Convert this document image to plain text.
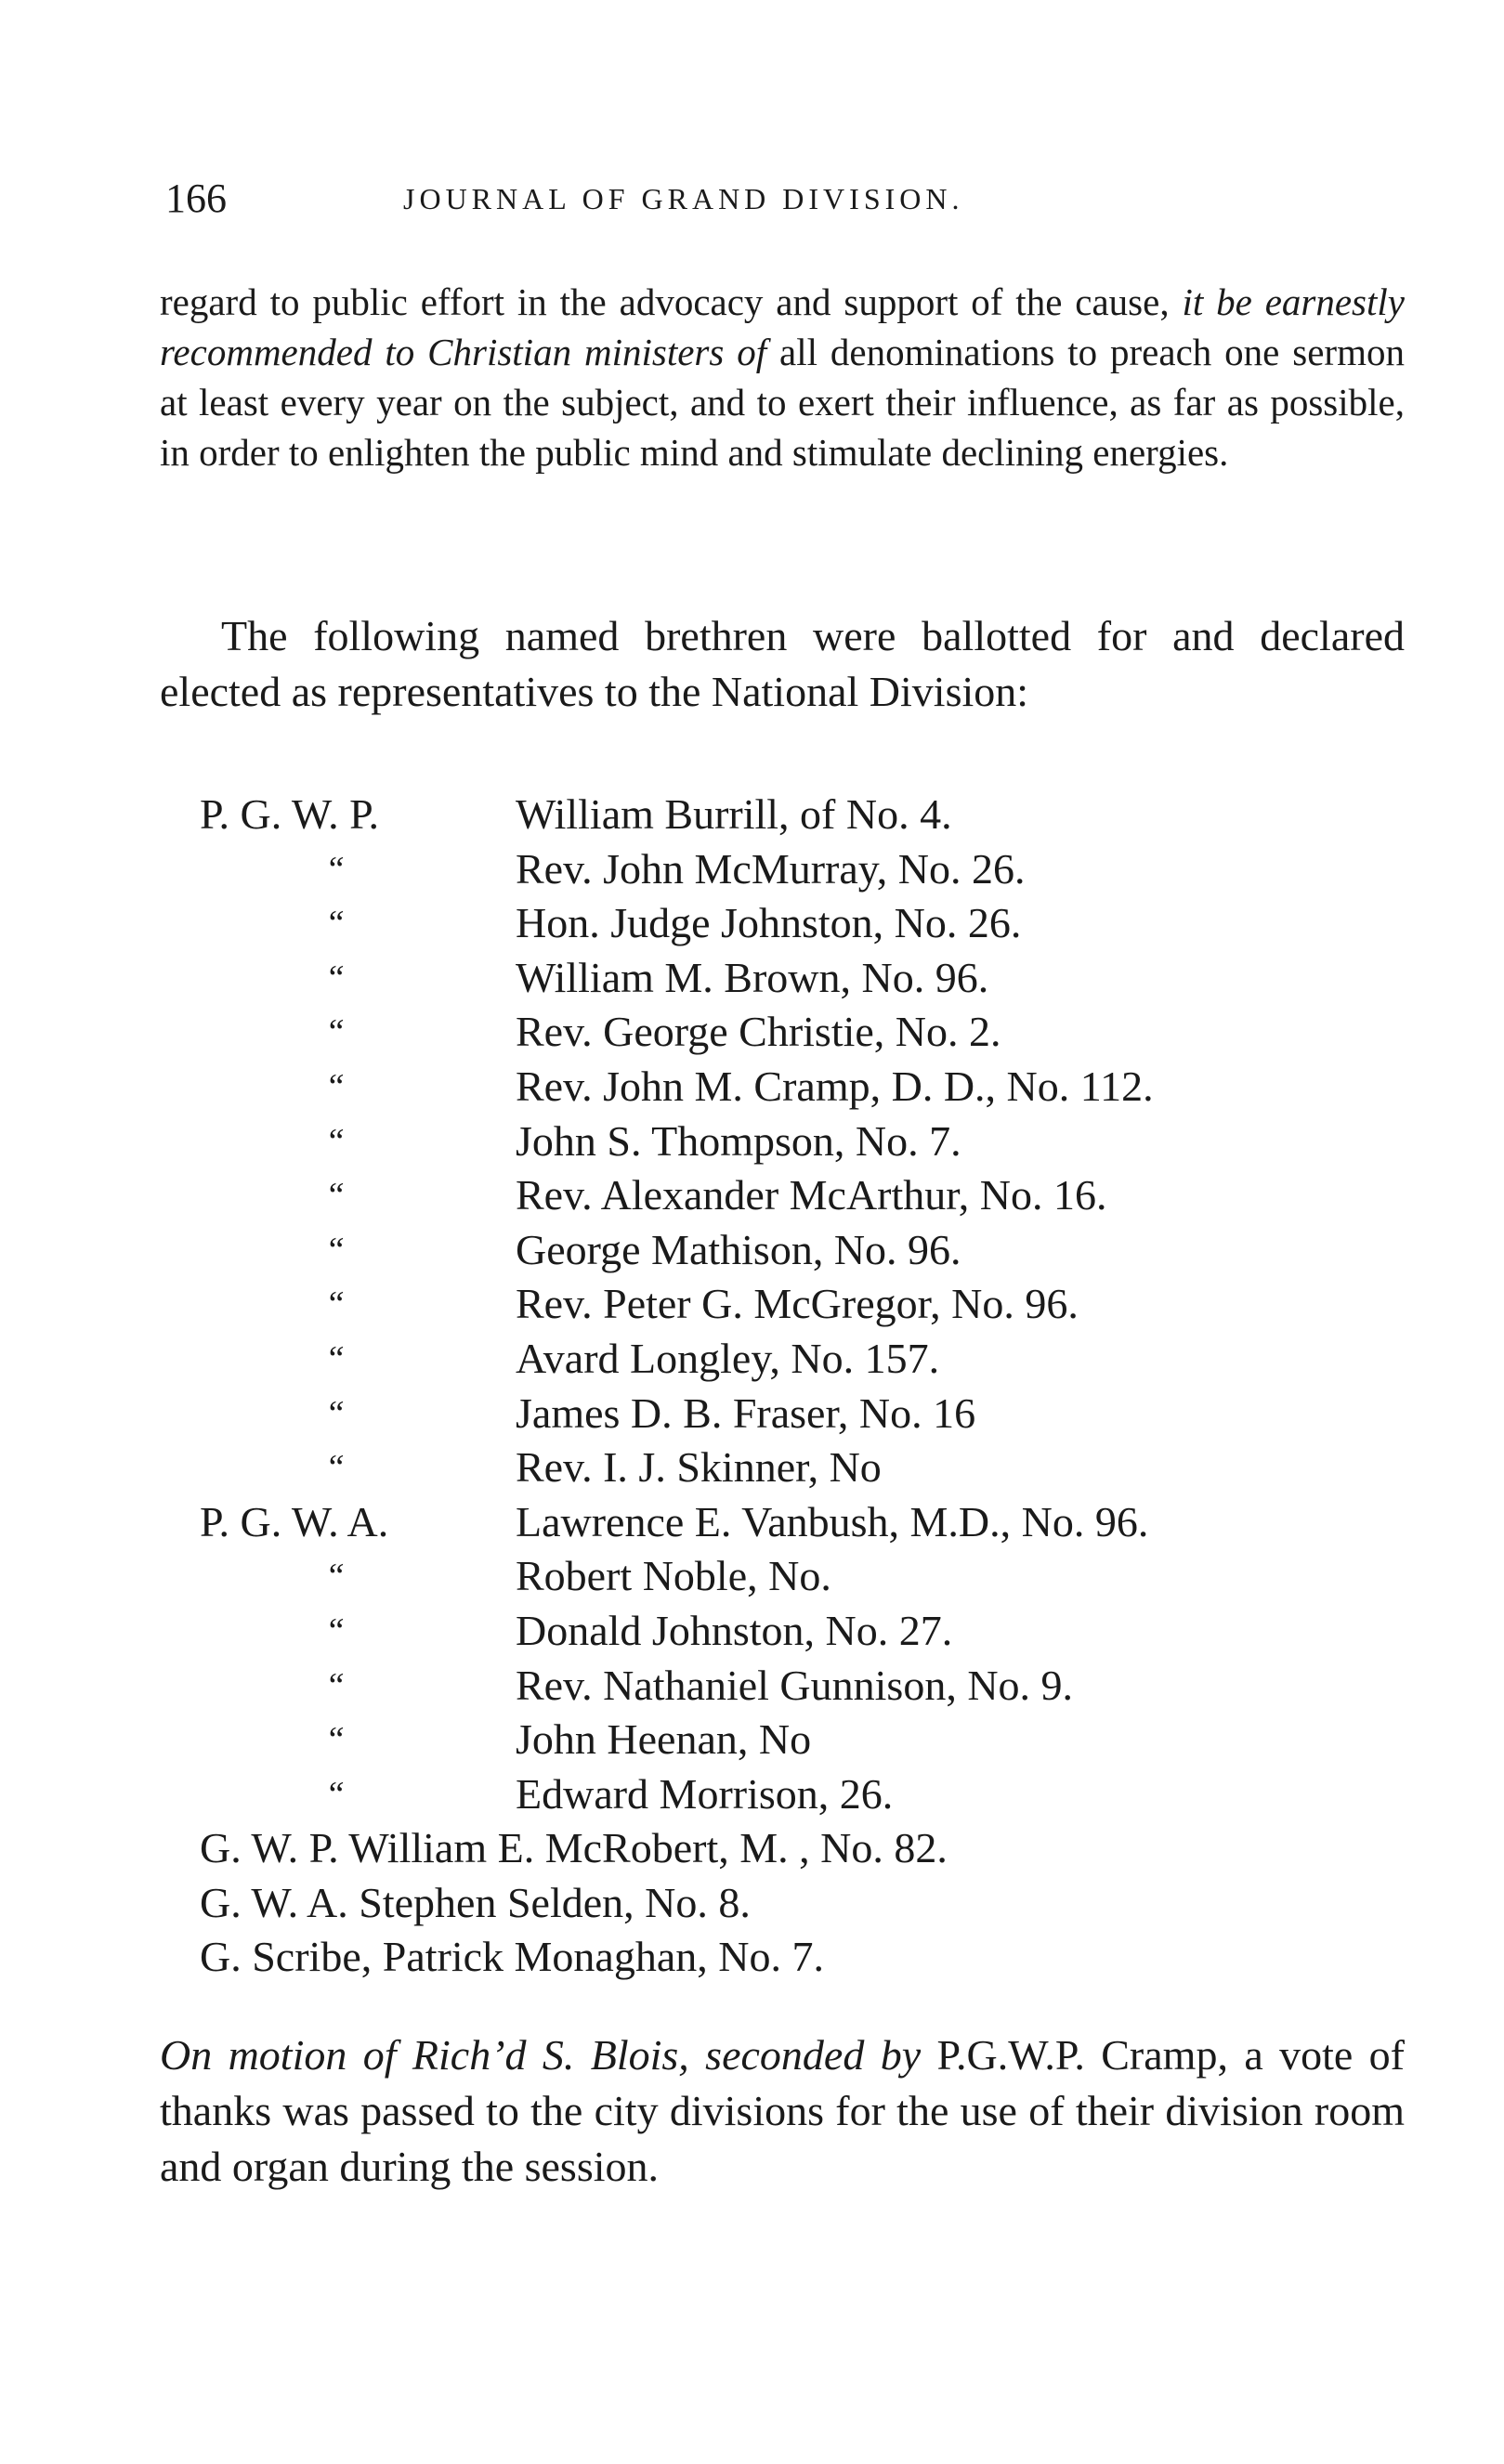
166	JOURNAL OF GRAND DIVISION.
regard to public effort in the advocacy and support of the cause, it be earnestly recommended to Christian ministers of all denominations to preach one sermon at least every year on the subject, and to exert their influence, as far as possible, in order to enlighten the public mind and stimulate declining energies.
The following named brethren were ballotted for and declared elected as representatives to the National Division:
P. G. W. P.	William Burrill, of No. 4.
“	Rev. John McMurray, No. 26.
“	Hon. Judge Johnston, No. 26.
“	William M. Brown, No. 96.
“	Rev. George Christie, No. 2.
“	Rev. John M. Cramp, D. D., No. 112.
“	John S. Thompson, No. 7.
“	Rev. Alexander McArthur, No. 16.
“	George Mathison, No. 96.
“	Rev. Peter G. McGregor, No. 96.
“	Avard Longley, No. 157.
“	James D. B. Fraser, No. 16
“	Rev. I. J. Skinner, No
P. G. W. A.	Lawrence E. Vanbush, M.D., No. 96.
“	Robert Noble, No.
“	Donald Johnston, No. 27.
“	Rev. Nathaniel Gunnison, No. 9.
“	John Heenan, No
“	Edward Morrison, 26.
G. W. P. William E. McRobert, M. , No. 82.
G. W. A. Stephen Selden, No. 8.
G. Scribe, Patrick Monaghan, No. 7.
On motion of Rich’d S. Blois, seconded by P.G.W.P. Cramp, a vote of thanks was passed to the city divisions for the use of their division room and organ during the session.
